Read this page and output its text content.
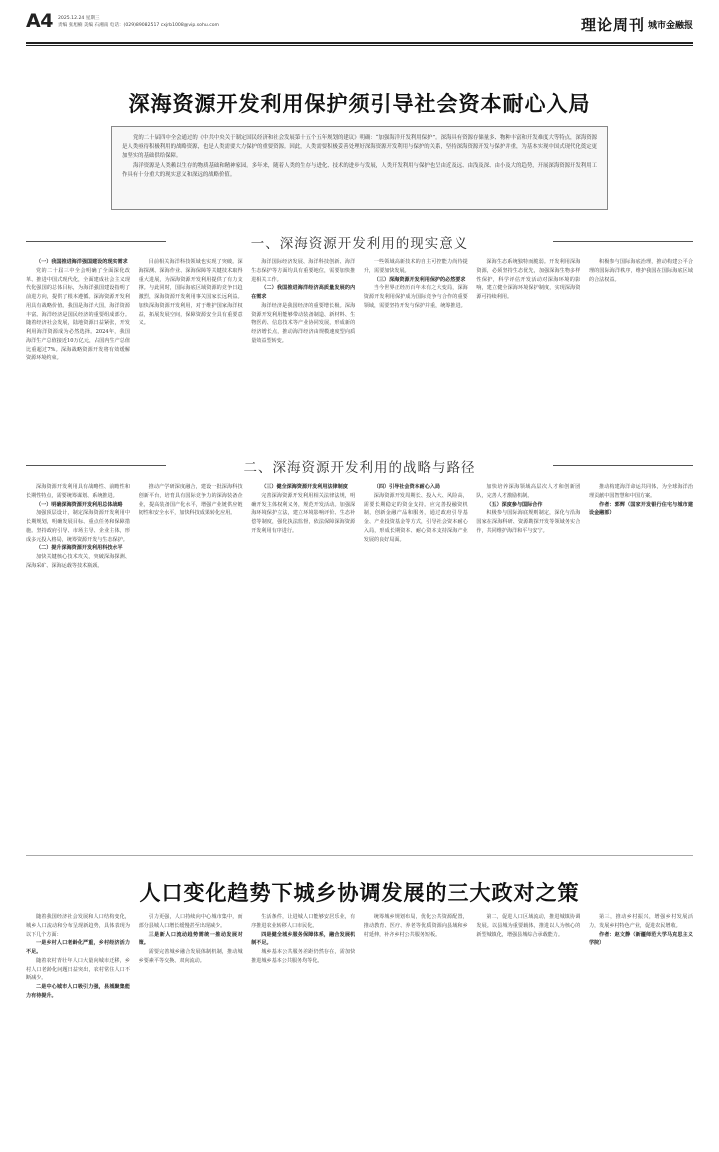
A4 2025.12.24 星期三
责编 张旭楠 美编 石湘南 电话：(029)89082517 cxjrb1008@vip.sohu.com	理论周刊 城市金融报
深海资源开发利用保护须引导社会资本耐心入局

党的二十届四中全会通过的《中共中央关于制定国民经济和社会发展第十五个五年规划的建议》明确：“加强海洋开发利用保护”。深海具有资源存储量多、物种丰富和开发难度大等特点，深海资源是人类亟待积极利用的战略资源，也是人类需要大力保护的重要资源。因此，人类需要积极妥善处理好深海资源开发利用与保护的关系，坚持深海资源开发与保护并重，为基本实现中国式现代化奠定更加坚实的基础供给保障。

海洋资源是人类赖以生存的物质基础和精神家园。多年来，随着人类的生存与进化、技术的进步与发展，人类开发利用与保护也呈由近及远、由浅及深、由小及大的趋势，开展深海资源开发利用工作具有十分重大的现实意义和深远的战略价值。

一、深海资源开发利用的现实意义

（一）我国推进海洋强国建设的现实需求

党的二十届三中全会明确了全面深化改革、推进中国式现代化，全面建成社会主义现代化强国的总体目标，为海洋强国建设指明了前进方向，提供了根本遵循。深海资源开发利用具有战略价值。我国是海洋大国，海洋资源丰富。海洋经济是国民经济的重要组成部分。随着经济社会发展，陆地资源日益紧张，开发利用海洋资源成为必然选择。2024年，我国海洋生产总值接近10万亿元，占国内生产总值比重超过7%。深海战略资源开发将有效缓解资源环境约束。

目前相关海洋科技领域也实现了突破。深海探测、深海作业、深海保障等关键技术取得重大进展，为深海资源开发利用提供了有力支撑。与此同时，国际海底区域资源的竞争日趋激烈，深海资源开发利用事关国家长远利益。加快深海资源开发利用，对于维护国家海洋权益，拓展发展空间，保障资源安全具有重要意义。

海洋国际经济发展、海洋科技创新、海洋生态保护等方面均具有重要地位，需要加快推进相关工作。

（二）我国推进海洋经济高质量发展的内在需求

海洋经济是我国经济的重要增长极。深海资源开发利用能够带动装备制造、新材料、生物医药、信息技术等产业协同发展，形成新的经济增长点，推动海洋经济由规模速度型向质量效益型转变。

一些领域高新技术的自主可控能力尚待提升，需要加快发展。

（三）深海资源开发利用保护的必然要求

当今世界正经历百年未有之大变局，深海资源开发利用保护成为国际竞争与合作的重要领域，需要坚持开发与保护并重，统筹推进。

深海生态系统独特而脆弱。开发利用深海资源，必须坚持生态优先，加强深海生物多样性保护，科学评估开发活动对深海环境的影响，建立健全深海环境保护制度，实现深海资源可持续利用。

积极参与国际海底治理，推动构建公平合理的国际海洋秩序，维护我国在国际海底区域的合法权益。

二、深海资源开发利用的战略与路径

深海资源开发利用具有战略性、前瞻性和长期性特点，需要统筹谋划、系统推进。

（一）明确深海资源开发利用总体战略

加强顶层设计，制定深海资源开发利用中长期规划，明确发展目标、重点任务和保障措施。坚持政府引导、市场主导、企业主体，形成多元投入格局，统筹资源开发与生态保护。

（二）提升深海资源开发利用科技水平

加快关键核心技术攻关，突破深海探测、深海采矿、深海运载等技术瓶颈。

推动产学研深度融合，建设一批深海科技创新平台，培育具有国际竞争力的深海装备企业，提高装备国产化水平，增强产业链供应链韧性和安全水平，加快科技成果转化应用。

（三）健全深海资源开发利用法律制度

完善深海资源开发利用相关法律法规，明确开发主体权利义务，规范开发活动。加强深海环境保护立法，建立环境影响评价、生态补偿等制度，强化执法监督，依法保障深海资源开发利用有序进行。

（四）引导社会资本耐心入局

深海资源开发周期长、投入大、风险高，需要长期稳定的资金支持。应完善投融资机制，创新金融产品和服务，通过政府引导基金、产业投资基金等方式，引导社会资本耐心入局，形成长期资本、耐心资本支持深海产业发展的良好局面。

加快培养深海领域高层次人才和创新团队，完善人才激励机制。

（五）深度参与国际合作

积极参与国际海底规则制定，深化与沿海国家在深海科研、资源勘探开发等领域务实合作，共同维护海洋和平与安宁。

推动构建海洋命运共同体，为全球海洋治理贡献中国智慧和中国方案。

作者：郭辉（国家开发银行住宅与城市建设金融部）

人口变化趋势下城乡协调发展的三大政对之策

随着我国经济社会发展和人口结构变化，城乡人口流动和分布呈现新趋势，具体表现为以下几个方面：

一是乡村人口老龄化严重，乡村经济活力不足。

随着农村青壮年人口大量向城市迁移，乡村人口老龄化问题日益突出，农村常住人口不断减少。

二是中心城市人口吸引力强，县城聚集能力有待提升。

引力更强，人口持续向中心城市集中，而部分县城人口增长缓慢甚至出现减少。

三是新人口流动趋势需统一推动发展对策。

需要完善城乡融合发展体制机制，推动城乡要素平等交换、双向流动。

生活条件，让进城人口能够安居乐业，有序推进农业转移人口市民化。

四是健全城乡服务保障体系，融合发展机制不足。

城乡基本公共服务差距仍然存在，需加快推进城乡基本公共服务均等化。

统筹城乡规划布局，优化公共资源配置，推动教育、医疗、养老等优质资源向县域和乡村延伸，补齐乡村公共服务短板。

第二，促进人口区域流动，推进城镇协调发展。以县城为重要载体，推进以人为核心的新型城镇化，增强县城综合承载能力。

第三，推动乡村振兴，增强乡村发展活力，发展乡村特色产业，促进农民增收。

作者：赵文静（新疆师范大学马克思主义学院）
